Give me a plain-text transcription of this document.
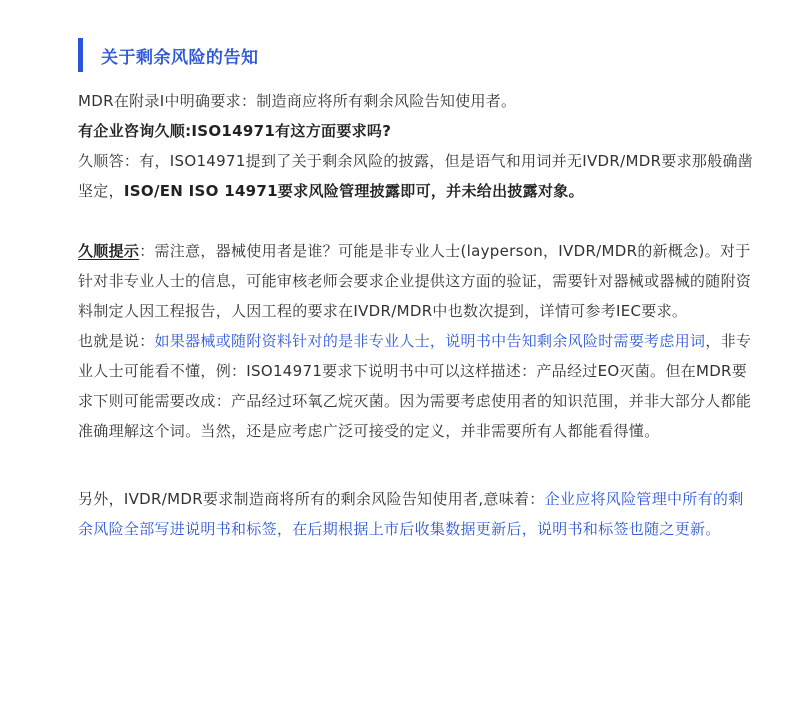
关于剩余风险的告知

MDR在附录Ⅰ中明确要求：制造商应将所有剩余风险告知使用者。

有企业咨询久顺:ISO14971有这方面要求吗?

久顺答：有，ISO14971提到了关于剩余风险的披露，但是语气和用词并无IVDR/MDR要求那般确凿坚定，ISO/EN ISO 14971要求风险管理披露即可，并未给出披露对象。

久顺提示：需注意，器械使用者是谁？可能是非专业人士(layperson，IVDR/MDR的新概念)。对于针对非专业人士的信息，可能审核老师会要求企业提供这方面的验证，需要针对器械或器械的随附资料制定人因工程报告，人因工程的要求在IVDR/MDR中也数次提到，详情可参考IEC要求。

也就是说：如果器械或随附资料针对的是非专业人士，说明书中告知剩余风险时需要考虑用词，非专业人士可能看不懂，例：ISO14971要求下说明书中可以这样描述：产品经过EO灭菌。但在MDR要求下则可能需要改成：产品经过环氧乙烷灭菌。因为需要考虑使用者的知识范围，并非大部分人都能准确理解这个词。当然，还是应考虑广泛可接受的定义，并非需要所有人都能看得懂。

另外，IVDR/MDR要求制造商将所有的剩余风险告知使用者,意味着：企业应将风险管理中所有的剩余风险全部写进说明书和标签，在后期根据上市后收集数据更新后，说明书和标签也随之更新。
